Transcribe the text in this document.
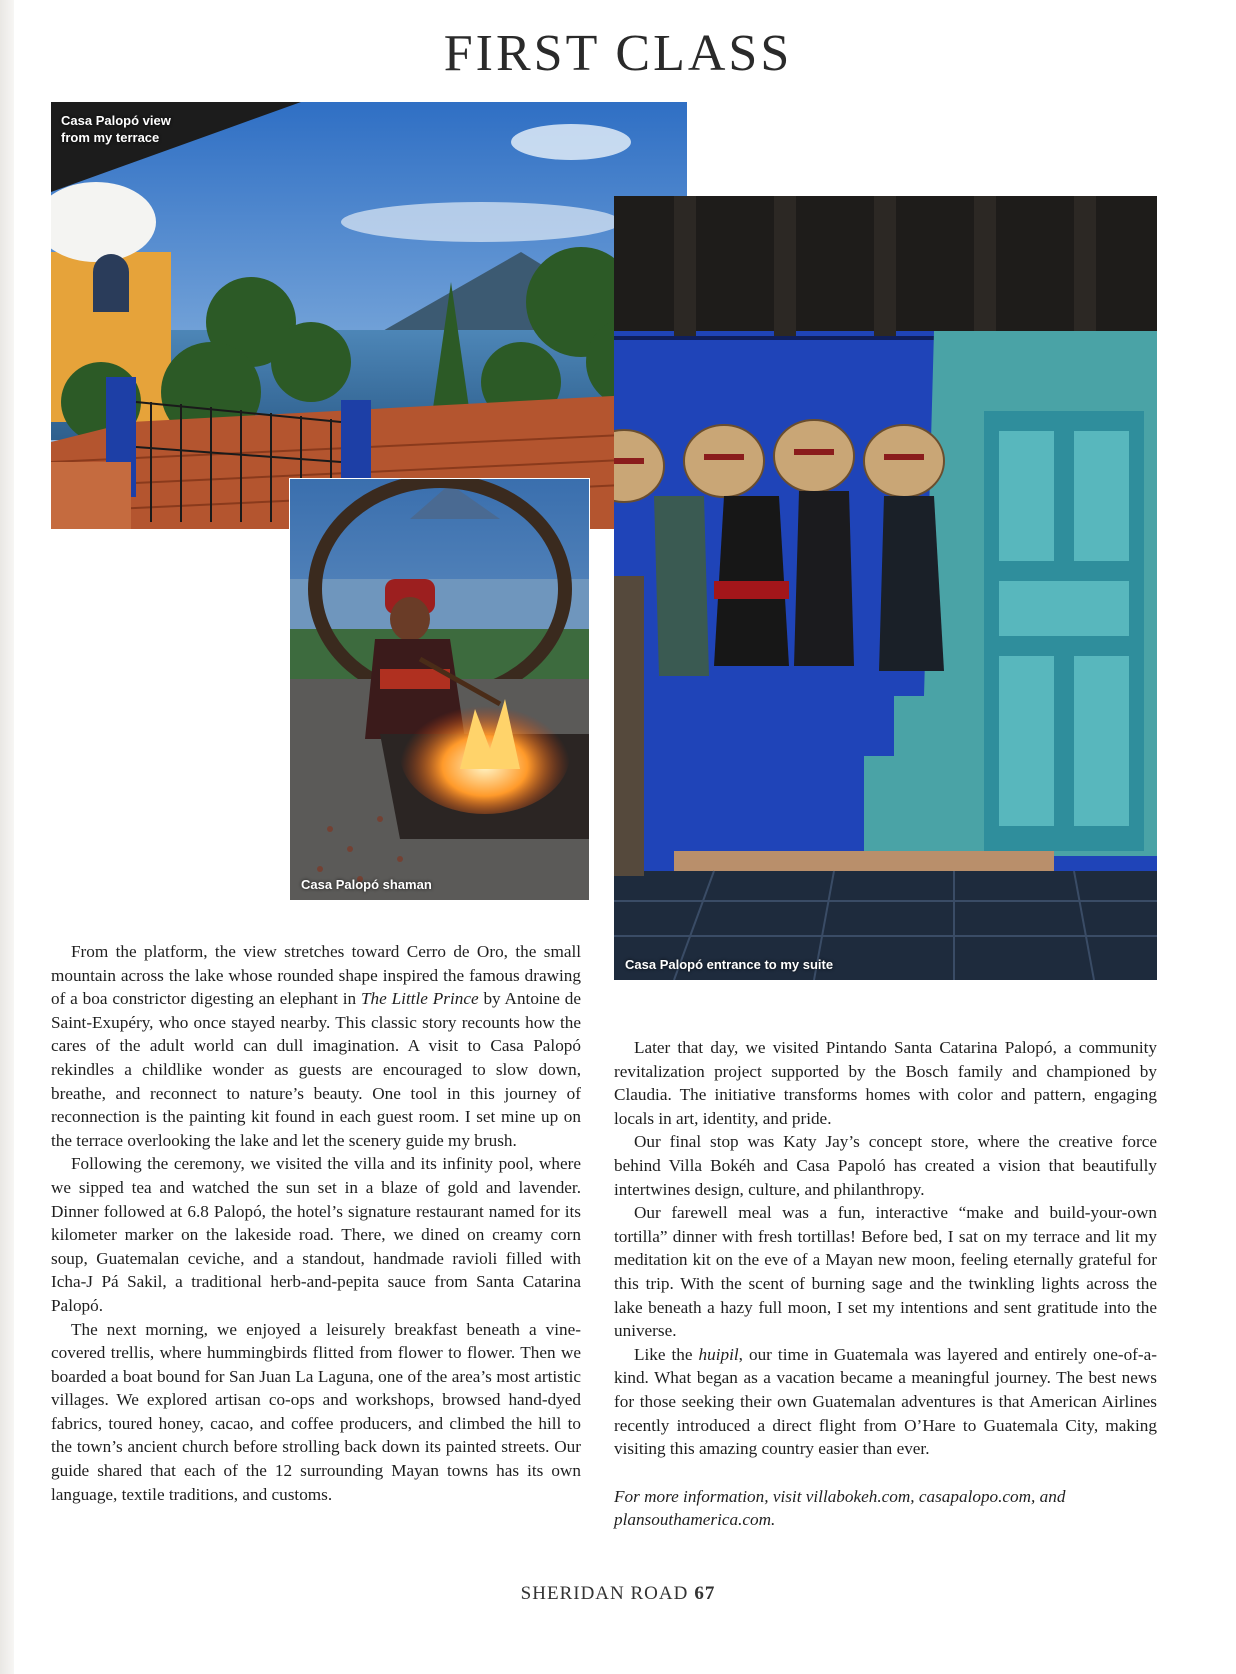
FIRST CLASS
Casa Palopó view
from my terrace
Casa Palopó entrance to my suite
Casa Palopó shaman

From the platform, the view stretches toward Cerro de Oro, the small mountain across the lake whose rounded shape inspired the famous drawing of a boa constrictor digesting an elephant in The Little Prince by Antoine de Saint-Exupéry, who once stayed nearby. This classic story recounts how the cares of the adult world can dull imagination. A visit to Casa Palopó rekindles a childlike wonder as guests are encouraged to slow down, breathe, and reconnect to nature’s beauty. One tool in this journey of reconnection is the painting kit found in each guest room. I set mine up on the terrace overlooking the lake and let the scenery guide my brush.

Following the ceremony, we visited the villa and its infinity pool, where we sipped tea and watched the sun set in a blaze of gold and lavender. Dinner followed at 6.8 Palopó, the hotel’s signature restaurant named for its kilometer marker on the lakeside road. There, we dined on creamy corn soup, Guatemalan ceviche, and a standout, handmade ravioli filled with Icha-J Pá Sakil, a traditional herb-and-pepita sauce from Santa Catarina Palopó.

The next morning, we enjoyed a leisurely breakfast beneath a vine-covered trellis, where hummingbirds flitted from flower to flower. Then we boarded a boat bound for San Juan La Laguna, one of the area’s most artistic villages. We explored artisan co-ops and workshops, browsed hand-dyed fabrics, toured honey, cacao, and coffee producers, and climbed the hill to the town’s ancient church before strolling back down its painted streets. Our guide shared that each of the 12 surrounding Mayan towns has its own language, textile traditions, and customs.

Later that day, we visited Pintando Santa Catarina Palopó, a community revitalization project supported by the Bosch family and championed by Claudia. The initiative transforms homes with color and pattern, engaging locals in art, identity, and pride.

Our final stop was Katy Jay’s concept store, where the creative force behind Villa Bokéh and Casa Papoló has created a vision that beautifully intertwines design, culture, and philanthropy.

Our farewell meal was a fun, interactive “make and build-your-own tortilla” dinner with fresh tortillas! Before bed, I sat on my terrace and lit my meditation kit on the eve of a Mayan new moon, feeling eternally grateful for this trip. With the scent of burning sage and the twinkling lights across the lake beneath a hazy full moon, I set my intentions and sent gratitude into the universe.

Like the huipil, our time in Guatemala was layered and entirely one-of-a-kind. What began as a vacation became a meaningful journey. The best news for those seeking their own Guatemalan adventures is that American Airlines recently introduced a direct flight from O’Hare to Guatemala City, making visiting this amazing country easier than ever.

For more information, visit villabokeh.com, casapalopo.com, and plansouthamerica.com.

SHERIDAN ROAD 67
